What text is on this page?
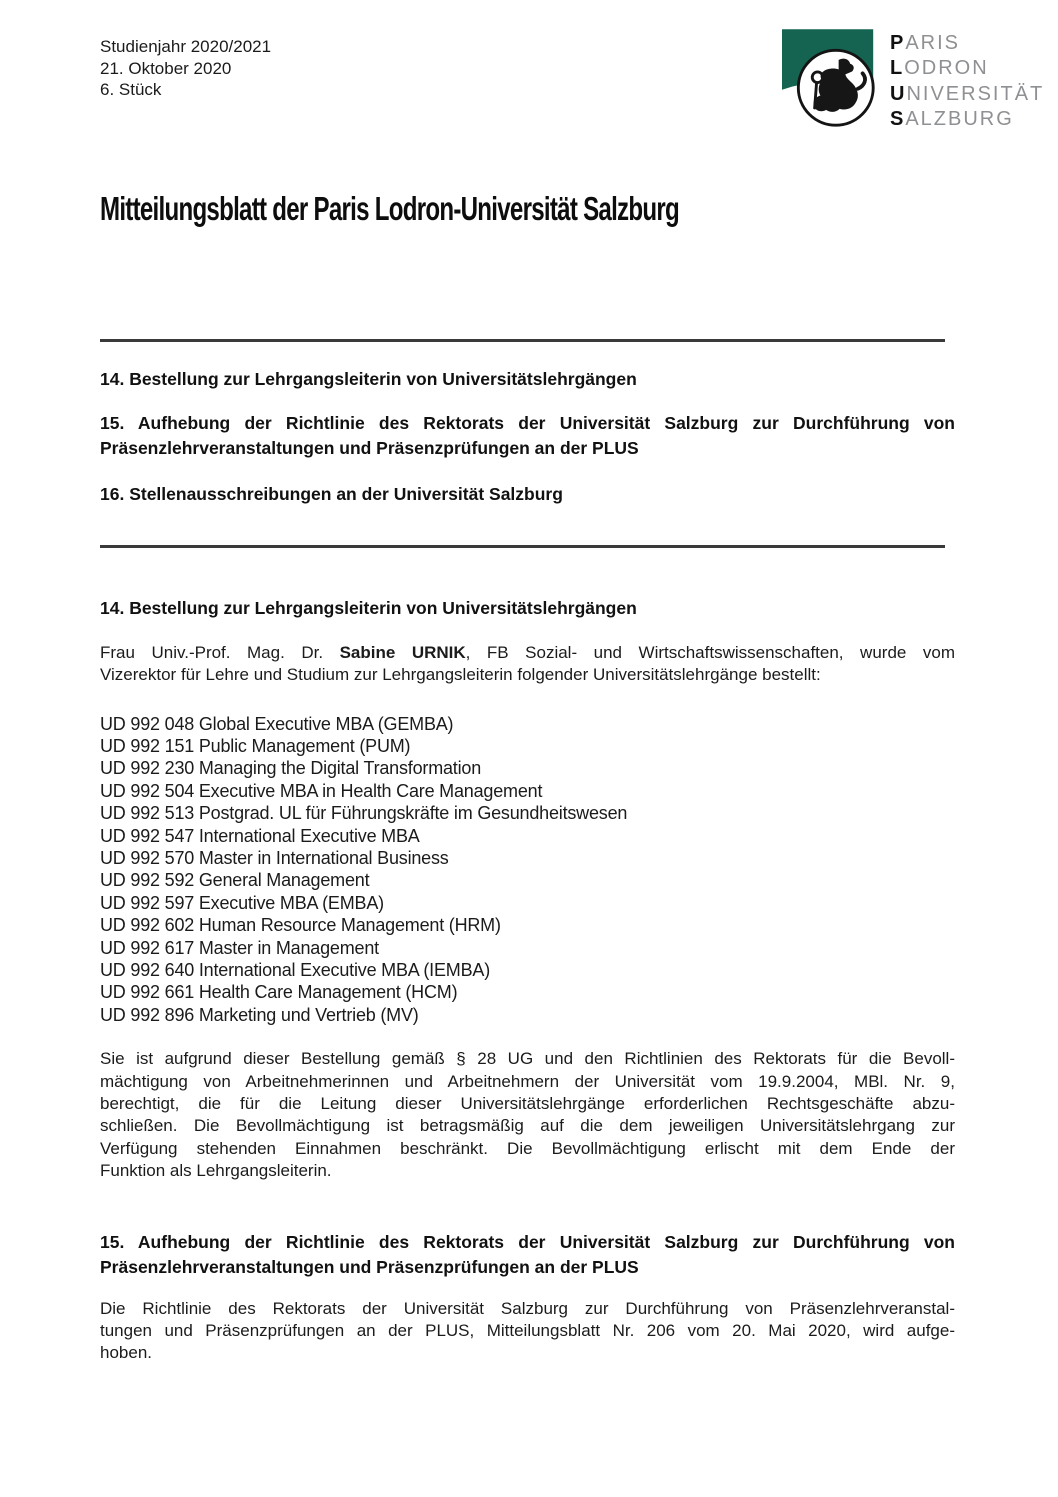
Studienjahr 2020/2021
21. Oktober 2020
6. Stück
PARIS
LODRON
UNIVERSITÄT
SALZBURG
Mitteilungsblatt der Paris Lodron-Universität Salzburg
14. Bestellung zur Lehrgangsleiterin von Universitätslehrgängen
15. Aufhebung der Richtlinie des Rektorats der Universität Salzburg zur Durchführung von
Präsenzlehrveranstaltungen und Präsenzprüfungen an der PLUS
16. Stellenausschreibungen an der Universität Salzburg
14. Bestellung zur Lehrgangsleiterin von Universitätslehrgängen
Frau Univ.-Prof. Mag. Dr. Sabine URNIK, FB Sozial- und Wirtschaftswissenschaften, wurde vom
Vizerektor für Lehre und Studium zur Lehrgangsleiterin folgender Universitätslehrgänge bestellt:
UD 992 048 Global Executive MBA (GEMBA)
UD 992 151 Public Management (PUM)
UD 992 230 Managing the Digital Transformation
UD 992 504 Executive MBA in Health Care Management
UD 992 513 Postgrad. UL für Führungskräfte im Gesundheitswesen
UD 992 547 International Executive MBA
UD 992 570 Master in International Business
UD 992 592 General Management
UD 992 597 Executive MBA (EMBA)
UD 992 602 Human Resource Management (HRM)
UD 992 617 Master in Management
UD 992 640 International Executive MBA (IEMBA)
UD 992 661 Health Care Management (HCM)
UD 992 896 Marketing und Vertrieb (MV)
Sie ist aufgrund dieser Bestellung gemäß § 28 UG und den Richtlinien des Rektorats für die Bevoll-
mächtigung von Arbeitnehmerinnen und Arbeitnehmern der Universität vom 19.9.2004, MBl. Nr. 9,
berechtigt, die für die Leitung dieser Universitätslehrgänge erforderlichen Rechtsgeschäfte abzu-
schließen. Die Bevollmächtigung ist betragsmäßig auf die dem jeweiligen Universitätslehrgang zur
Verfügung stehenden Einnahmen beschränkt. Die Bevollmächtigung erlischt mit dem Ende der
Funktion als Lehrgangsleiterin.
15. Aufhebung der Richtlinie des Rektorats der Universität Salzburg zur Durchführung von
Präsenzlehrveranstaltungen und Präsenzprüfungen an der PLUS
Die Richtlinie des Rektorats der Universität Salzburg zur Durchführung von Präsenzlehrveranstal-
tungen und Präsenzprüfungen an der PLUS, Mitteilungsblatt Nr. 206 vom 20. Mai 2020, wird aufge-
hoben.
